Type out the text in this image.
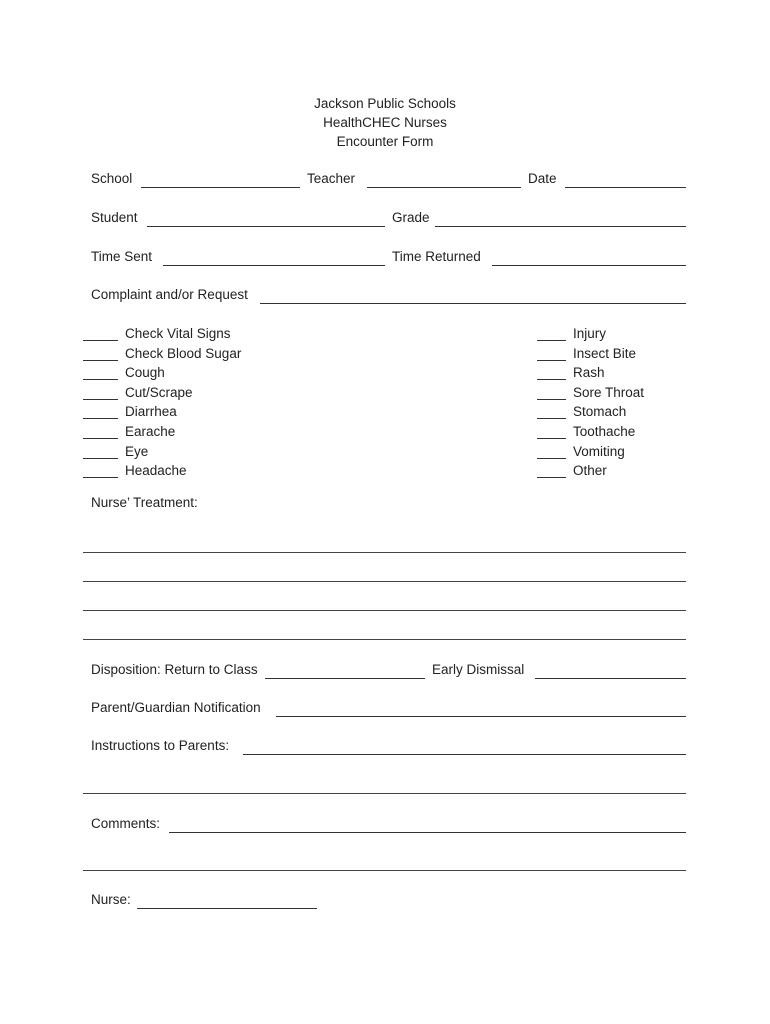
Jackson Public Schools
HealthCHEC Nurses
Encounter Form
School	Teacher	Date
Student	Grade
Time Sent	Time Returned
Complaint and/or Request
Check Vital Signs
Check Blood Sugar
Cough
Cut/Scrape
Diarrhea
Earache
Eye
Headache
Injury
Insect Bite
Rash
Sore Throat
Stomach
Toothache
Vomiting
Other
Nurse’ Treatment:
Disposition: Return to Class	Early Dismissal
Parent/Guardian Notification
Instructions to Parents:
Comments:
Nurse:
